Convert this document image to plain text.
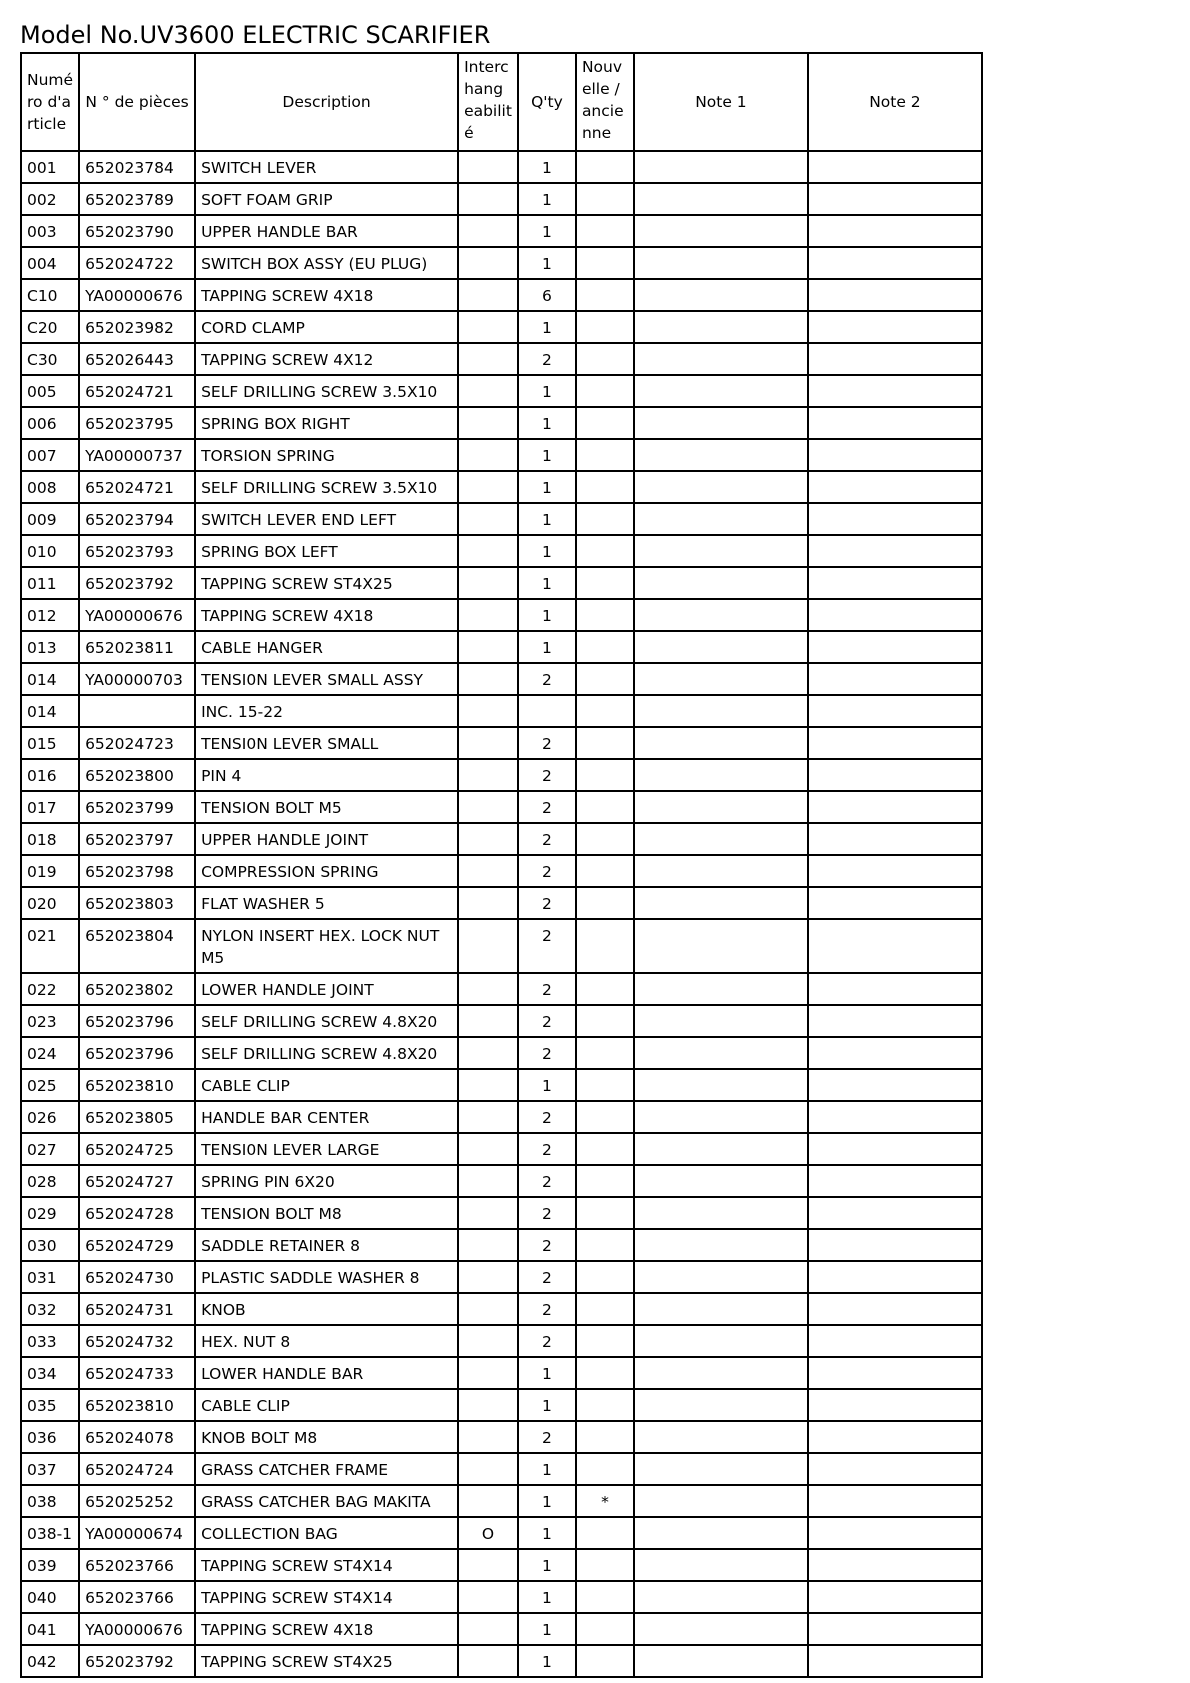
Model No.UV3600 ELECTRIC SCARIFIER
Numé ro d'a rticle	N ° de pièces	Description	Interc hang eabilit é	Q'ty	Nouv elle / ancie nne	Note 1	Note 2
001	652023784	SWITCH LEVER		1			
002	652023789	SOFT FOAM GRIP		1			
003	652023790	UPPER HANDLE BAR		1			
004	652024722	SWITCH BOX ASSY (EU PLUG)		1			
C10	YA00000676	TAPPING SCREW 4X18		6			
C20	652023982	CORD CLAMP		1			
C30	652026443	TAPPING SCREW 4X12		2			
005	652024721	SELF DRILLING SCREW 3.5X10		1			
006	652023795	SPRING BOX RIGHT		1			
007	YA00000737	TORSION SPRING		1			
008	652024721	SELF DRILLING SCREW 3.5X10		1			
009	652023794	SWITCH LEVER END LEFT		1			
010	652023793	SPRING BOX LEFT		1			
011	652023792	TAPPING SCREW ST4X25		1			
012	YA00000676	TAPPING SCREW 4X18		1			
013	652023811	CABLE HANGER		1			
014	YA00000703	TENSI0N LEVER SMALL ASSY		2			
014		INC. 15-22					
015	652024723	TENSI0N LEVER SMALL		2			
016	652023800	PIN 4		2			
017	652023799	TENSION BOLT M5		2			
018	652023797	UPPER HANDLE JOINT		2			
019	652023798	COMPRESSION SPRING		2			
020	652023803	FLAT WASHER 5		2			
021	652023804	NYLON INSERT HEX. LOCK NUT M5		2			
022	652023802	LOWER HANDLE JOINT		2			
023	652023796	SELF DRILLING SCREW 4.8X20		2			
024	652023796	SELF DRILLING SCREW 4.8X20		2			
025	652023810	CABLE CLIP		1			
026	652023805	HANDLE BAR CENTER		2			
027	652024725	TENSI0N LEVER LARGE		2			
028	652024727	SPRING PIN 6X20		2			
029	652024728	TENSION BOLT M8		2			
030	652024729	SADDLE RETAINER 8		2			
031	652024730	PLASTIC SADDLE WASHER 8		2			
032	652024731	KNOB		2			
033	652024732	HEX. NUT 8		2			
034	652024733	LOWER HANDLE BAR		1			
035	652023810	CABLE CLIP		1			
036	652024078	KNOB BOLT M8		2			
037	652024724	GRASS CATCHER FRAME		1			
038	652025252	GRASS CATCHER BAG MAKITA		1	*		
038-1	YA00000674	COLLECTION BAG	O	1			
039	652023766	TAPPING SCREW ST4X14		1			
040	652023766	TAPPING SCREW ST4X14		1			
041	YA00000676	TAPPING SCREW 4X18		1			
042	652023792	TAPPING SCREW ST4X25		1			
